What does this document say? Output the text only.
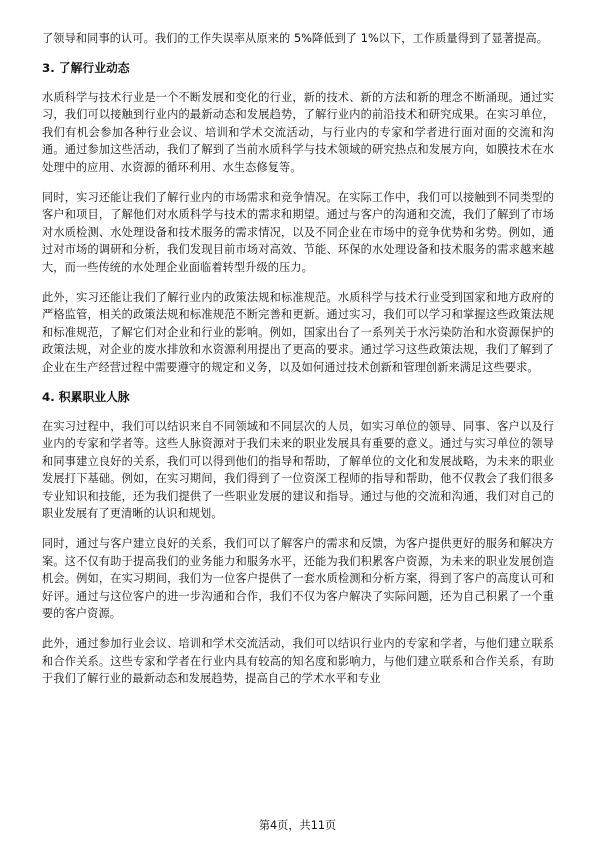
了领导和同事的认可。我们的工作失误率从原来的 5%降低到了 1%以下，工作质量得到了显著提高。

3. 了解行业动态

水质科学与技术行业是一个不断发展和变化的行业，新的技术、新的方法和新的理念不断涌现。通过实习，我们可以接触到行业内的最新动态和发展趋势，了解行业内的前沿技术和研究成果。在实习单位，我们有机会参加各种行业会议、培训和学术交流活动，与行业内的专家和学者进行面对面的交流和沟通。通过参加这些活动，我们了解到了当前水质科学与技术领域的研究热点和发展方向，如膜技术在水处理中的应用、水资源的循环利用、水生态修复等。

同时，实习还能让我们了解行业内的市场需求和竞争情况。在实际工作中，我们可以接触到不同类型的客户和项目，了解他们对水质科学与技术的需求和期望。通过与客户的沟通和交流，我们了解到了市场对水质检测、水处理设备和技术服务的需求情况，以及不同企业在市场中的竞争优势和劣势。例如，通过对市场的调研和分析，我们发现目前市场对高效、节能、环保的水处理设备和技术服务的需求越来越大，而一些传统的水处理企业面临着转型升级的压力。

此外，实习还能让我们了解行业内的政策法规和标准规范。水质科学与技术行业受到国家和地方政府的严格监管，相关的政策法规和标准规范不断完善和更新。通过实习，我们可以学习和掌握这些政策法规和标准规范，了解它们对企业和行业的影响。例如，国家出台了一系列关于水污染防治和水资源保护的政策法规，对企业的废水排放和水资源利用提出了更高的要求。通过学习这些政策法规，我们了解到了企业在生产经营过程中需要遵守的规定和义务，以及如何通过技术创新和管理创新来满足这些要求。

4. 积累职业人脉

在实习过程中，我们可以结识来自不同领域和不同层次的人员，如实习单位的领导、同事、客户以及行业内的专家和学者等。这些人脉资源对于我们未来的职业发展具有重要的意义。通过与实习单位的领导和同事建立良好的关系，我们可以得到他们的指导和帮助，了解单位的文化和发展战略，为未来的职业发展打下基础。例如，在实习期间，我们得到了一位资深工程师的指导和帮助，他不仅教会了我们很多专业知识和技能，还为我们提供了一些职业发展的建议和指导。通过与他的交流和沟通，我们对自己的职业发展有了更清晰的认识和规划。

同时，通过与客户建立良好的关系，我们可以了解客户的需求和反馈，为客户提供更好的服务和解决方案。这不仅有助于提高我们的业务能力和服务水平，还能为我们积累客户资源，为未来的职业发展创造机会。例如，在实习期间，我们为一位客户提供了一套水质检测和分析方案，得到了客户的高度认可和好评。通过与这位客户的进一步沟通和合作，我们不仅为客户解决了实际问题，还为自己积累了一个重要的客户资源。

此外，通过参加行业会议、培训和学术交流活动，我们可以结识行业内的专家和学者，与他们建立联系和合作关系。这些专家和学者在行业内具有较高的知名度和影响力，与他们建立联系和合作关系，有助于我们了解行业的最新动态和发展趋势，提高自己的学术水平和专业

第4页，共11页
